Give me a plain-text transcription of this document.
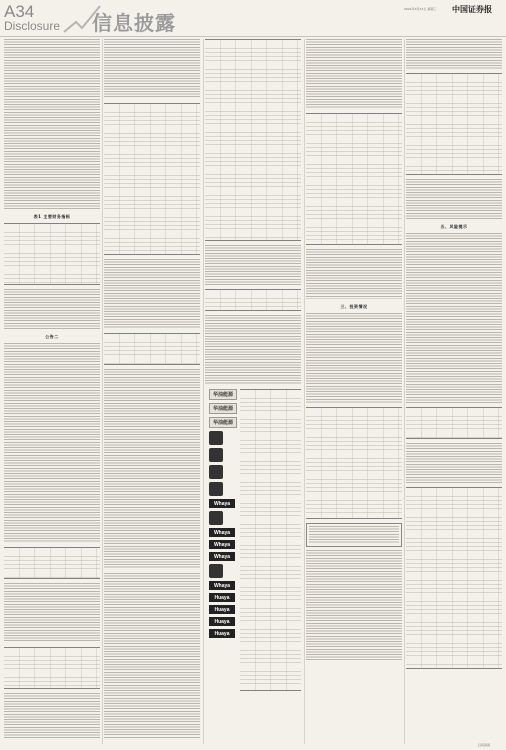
A34
Disclosure 信息披露
2021年3月31日 星期三 中国证券报
表1 主要财务指标
公告二
华油能源
华油能源
华油能源
Whaya
Whaya
Whaya
Whaya
Whaya
Huaya
Huaya
Huaya
Huaya
三、投资情况
五、风险提示
扫码查阅
